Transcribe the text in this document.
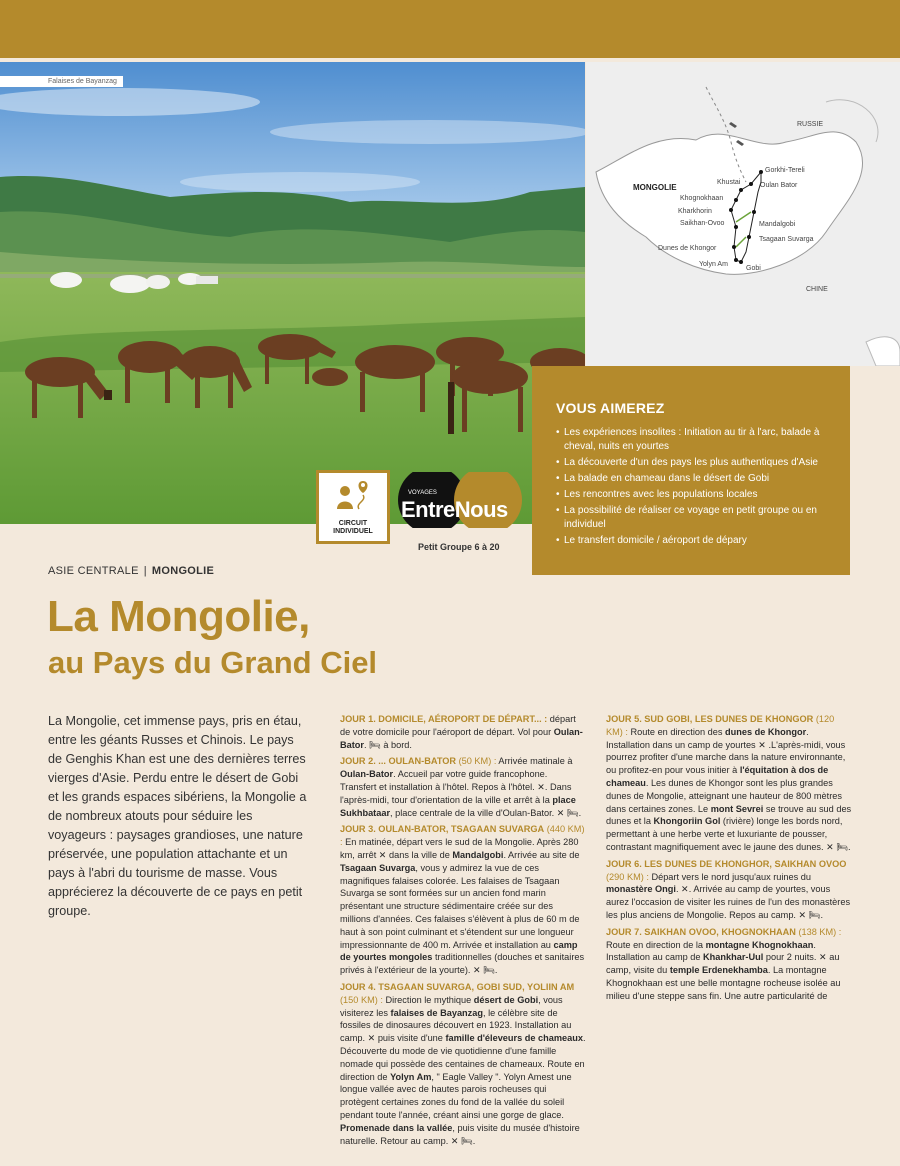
Falaises de Bayanzag
RUSSIE
MONGOLIE
CHINE
Gorkhi-Tereli
Khustai	Oulan Bator
Khognokhaan
Kharkhorin
Saikhan-Ovoo	Mandalgobi
Tsagaan Suvarga
Dunes de Khongor
Yolyn Am
Gobi
VOUS AIMEREZ
• Les expériences insolites : Initiation au tir à l'arc, balade à cheval, nuits en yourtes
• La découverte d'un des pays les plus authentiques d'Asie
• La balade en chameau dans le désert de Gobi
• Les rencontres avec les populations locales
• La possibilité de réaliser ce voyage en petit groupe ou en individuel
• Le transfert domicile / aéroport de dépary
CIRCUIT INDIVIDUEL
VOYAGES
EntreNous
Petit Groupe 6 à 20
ASIE CENTRALE | MONGOLIE
La Mongolie,
au Pays du Grand Ciel

La Mongolie, cet immense pays, pris en étau, entre les géants Russes et Chinois. Le pays de Genghis Khan est une des dernières terres vierges d'Asie. Perdu entre le désert de Gobi et les grands espaces sibériens, la Mongolie a de nombreux atouts pour séduire les voyageurs : paysages grandioses, une nature préservée, une population attachante et un pays à l'abri du tourisme de masse. Vous apprécierez la découverte de ce pays en petit groupe.

JOUR 1. DOMICILE, AÉROPORT DE DÉPART... : départ de votre domicile pour l'aéroport de départ. Vol pour Oulan-Bator. 🛏 à bord.

JOUR 2. ... OULAN-BATOR (50 KM) : Arrivée matinale à Oulan-Bator. Accueil par votre guide francophone. Transfert et installation à l'hôtel. Repos à l'hôtel. ✕. Dans l'après-midi, tour d'orientation de la ville et arrêt à la place Sukhbataar, place centrale de la ville d'Oulan-Bator. ✕ 🛏.

JOUR 3. OULAN-BATOR, TSAGAAN SUVARGA (440 KM) : En matinée, départ vers le sud de la Mongolie. Après 280 km, arrêt ✕ dans la ville de Mandalgobi. Arrivée au site de Tsagaan Suvarga, vous y admirez la vue de ces magnifiques falaises colorée. Les falaises de Tsagaan Suvarga se sont formées sur un ancien fond marin présentant une structure sédimentaire créée sur des millions d'années. Ces falaises s'élèvent à plus de 60 m de haut à son point culminant et s'étendent sur une longueur impressionnante de 400 m. Arrivée et installation au camp de yourtes mongoles traditionnelles (douches et sanitaires privés à l'extérieur de la yourte). ✕ 🛏.

JOUR 4. TSAGAAN SUVARGA, GOBI SUD, YOLIIN AM (150 KM) : Direction le mythique désert de Gobi, vous visiterez les falaises de Bayanzag, le célèbre site de fossiles de dinosaures découvert en 1923. Installation au camp. ✕ puis visite d'une famille d'éleveurs de chameaux. Découverte du mode de vie quotidienne d'une famille nomade qui possède des centaines de chameaux. Route en direction de Yolyn Am, " Eagle Valley ". Yolyn Amest une longue vallée avec de hautes parois rocheuses qui protègent certaines zones du fond de la vallée du soleil pendant toute l'année, créant ainsi une gorge de glace. Promenade dans la vallée, puis visite du musée d'histoire naturelle. Retour au camp. ✕ 🛏.

JOUR 5. SUD GOBI, LES DUNES DE KHONGOR (120 KM) : Route en direction des dunes de Khongor. Installation dans un camp de yourtes ✕ .L'après-midi, vous pourrez profiter d'une marche dans la nature environnante, ou profitez-en pour vous initier à l'équitation à dos de chameau. Les dunes de Khongor sont les plus grandes dunes de Mongolie, atteignant une hauteur de 800 mètres dans certaines zones. Le mont Sevrei se trouve au sud des dunes et la Khongoriin Gol (rivière) longe les bords nord, permettant à une herbe verte et luxuriante de pousser, contrastant magnifiquement avec le jaune des dunes. ✕ 🛏.

JOUR 6. LES DUNES DE KHONGHOR, SAIKHAN OVOO (290 KM) : Départ vers le nord jusqu'aux ruines du monastère Ongi. ✕. Arrivée au camp de yourtes, vous aurez l'occasion de visiter les ruines de l'un des monastères les plus anciens de Mongolie. Repos au camp. ✕ 🛏.

JOUR 7. SAIKHAN OVOO, KHOGNOKHAAN (138 KM) : Route en direction de la montagne Khognokhaan. Installation au camp de Khankhar-Uul pour 2 nuits. ✕ au camp, visite du temple Erdenekhamba. La montagne Khognokhaan est une belle montagne rocheuse isolée au milieu d'une steppe sans fin. Une autre particularité de
